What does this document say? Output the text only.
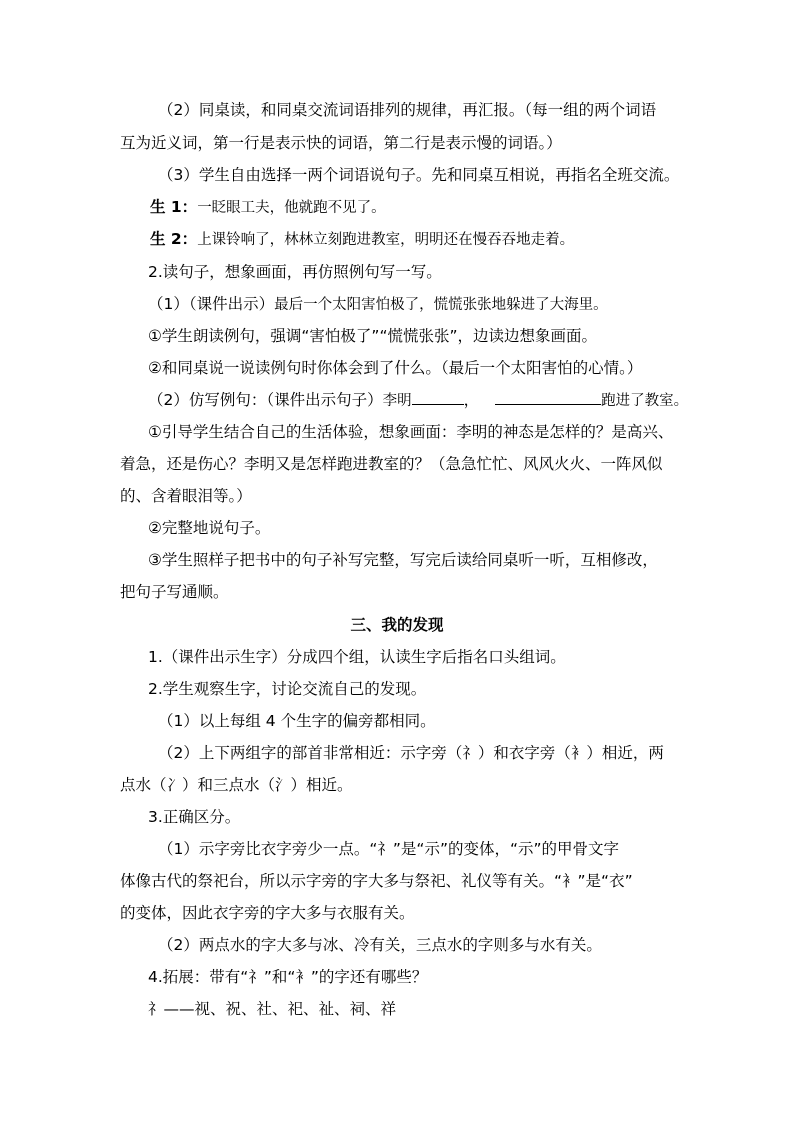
（2）同桌读，和同桌交流词语排列的规律，再汇报。（每一组的两个词语
互为近义词，第一行是表示快的词语，第二行是表示慢的词语。）
（3）学生自由选择一两个词语说句子。先和同桌互相说，再指名全班交流。
生 1：一眨眼工夫，他就跑不见了。
生 2：上课铃响了，林林立刻跑进教室，明明还在慢吞吞地走着。
2.读句子，想象画面，再仿照例句写一写。
（1）（课件出示）最后一个太阳害怕极了，慌慌张张地躲进了大海里。
①学生朗读例句，强调“害怕极了”“慌慌张张”，边读边想象画面。
②和同桌说一说读例句时你体会到了什么。（最后一个太阳害怕的心情。）
（2）仿写例句：（课件出示句子）李明	，	跑进了教室。
①引导学生结合自己的生活体验，想象画面：李明的神态是怎样的？是高兴、
着急，还是伤心？李明又是怎样跑进教室的？（急急忙忙、风风火火、一阵风似
的、含着眼泪等。）
②完整地说句子。
③学生照样子把书中的句子补写完整，写完后读给同桌听一听，互相修改，
把句子写通顺。
三、我的发现
1.（课件出示生字）分成四个组，认读生字后指名口头组词。
2.学生观察生字，讨论交流自己的发现。
（1）以上每组 4 个生字的偏旁都相同。
（2）上下两组字的部首非常相近：示字旁（礻）和衣字旁（衤）相近，两
点水（冫）和三点水（氵）相近。
3.正确区分。
（1）示字旁比衣字旁少一点。“礻”是“示”的变体，“示”的甲骨文字
体像古代的祭祀台，所以示字旁的字大多与祭祀、礼仪等有关。“衤”是“衣”
的变体，因此衣字旁的字大多与衣服有关。
（2）两点水的字大多与冰、冷有关，三点水的字则多与水有关。
4.拓展：带有“礻”和“衤”的字还有哪些？
礻——视、祝、社、祀、祉、祠、祥
